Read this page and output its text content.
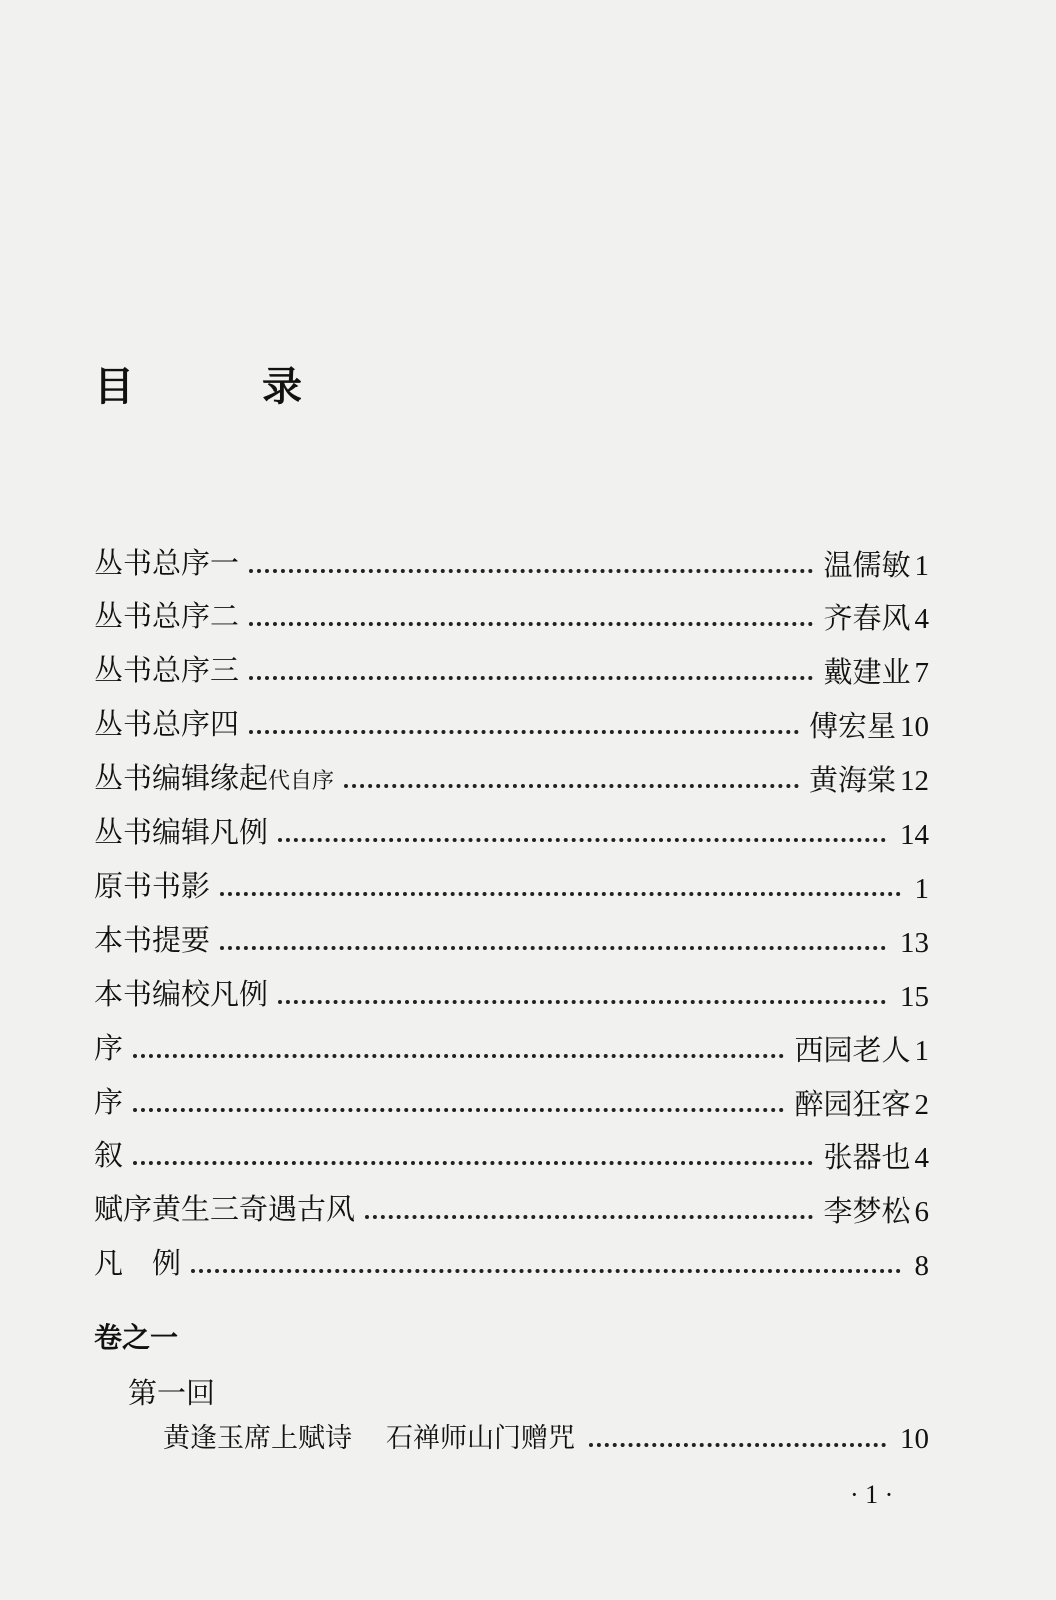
目　录
丛书总序一	温儒敏 1
丛书总序二	齐春风 4
丛书总序三	戴建业 7
丛书总序四	傅宏星 10
丛书编辑缘起代自序	黄海棠 12
丛书编辑凡例	14
原书书影	1
本书提要	13
本书编校凡例	15
序	西园老人 1
序	醉园狂客 2
叙	张器也 4
赋序黄生三奇遇古风	李梦松 6
凡　例	8
卷之一
第一回
黄逢玉席上赋诗 石禅师山门赠咒	10
· 1 ·
